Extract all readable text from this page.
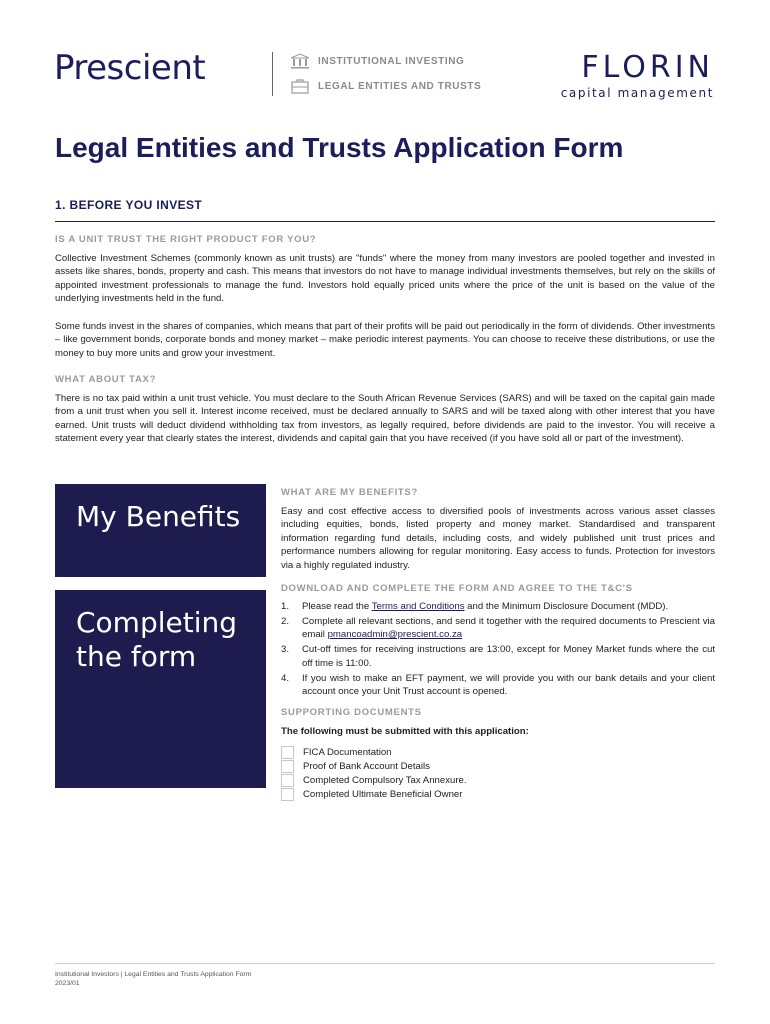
Prescient	INSTITUTIONAL INVESTING
LEGAL ENTITIES AND TRUSTS
FLORIN
capital management
Legal Entities and Trusts Application Form
1. BEFORE YOU INVEST
IS A UNIT TRUST THE RIGHT PRODUCT FOR YOU?

Collective Investment Schemes (commonly known as unit trusts) are "funds" where the money from many investors are pooled together and invested in assets like shares, bonds, property and cash. This means that investors do not have to manage individual investments themselves, but rely on the skills of appointed investment professionals to manage the fund. Investors hold equally priced units where the price of the unit is based on the value of the underlying investments held in the fund.

Some funds invest in the shares of companies, which means that part of their profits will be paid out periodically in the form of dividends. Other investments – like government bonds, corporate bonds and money market – make periodic interest payments. You can choose to receive these distributions, or use the money to buy more units and grow your investment.

WHAT ABOUT TAX?

There is no tax paid within a unit trust vehicle. You must declare to the South African Revenue Services (SARS) and will be taxed on the capital gain made from a unit trust when you sell it. Interest income received, must be declared annually to SARS and will be taxed along with other interest that you have earned. Unit trusts will deduct dividend withholding tax from investors, as legally required, before dividends are paid to the investor. You will receive a statement every year that clearly states the interest, dividends and capital gain that you have received (if you have sold all or part of the investment).

My Benefits
Completing
the form
WHAT ARE MY BENEFITS?

Easy and cost effective access to diversified pools of investments across various asset classes including equities, bonds, listed property and money market. Standardised and transparent information regarding fund details, including costs, and widely published unit trust prices and performance numbers allowing for regular monitoring. Easy access to funds. Protection for investors via a highly regulated industry.

DOWNLOAD AND COMPLETE THE FORM AND AGREE TO THE T&C'S
1.	Please read the Terms and Conditions and the Minimum Disclosure Document (MDD).
2.	Complete all relevant sections, and send it together with the required documents to Prescient via email pmancoadmin@prescient.co.za
3.	Cut-off times for receiving instructions are 13:00, except for Money Market funds where the cut off time is 11:00.
4.	If you wish to make an EFT payment, we will provide you with our bank details and your client account once your Unit Trust account is opened.
SUPPORTING DOCUMENTS
The following must be submitted with this application:
FICA Documentation
Proof of Bank Account Details
Completed Compulsory Tax Annexure.
Completed Ultimate Beneficial Owner
Institutional Investors | Legal Entities and Trusts Application Form
2023/01
